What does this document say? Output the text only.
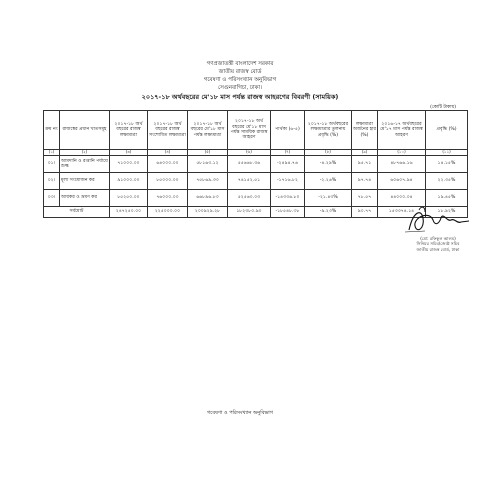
গণপ্রজাতন্ত্রী বাংলাদেশ সরকার
জাতীয় রাজস্ব বোর্ড
গবেষণা ও পরিসংখ্যান অনুবিভাগ
সেগুনবাগিচা, ঢাকা।
২০১৭-১৮ অর্থবছরের মে'১৮ মাস পর্যন্ত রাজস্ব আহরণের বিবরণী (সাময়িক)
(কোটি টাকায়)
ক্রম নং	রাজস্বের প্রধান খাতসমূহ	২০১৭-১৮ অর্থ বছরের রাজস্ব লক্ষ্যমাত্রা	২০১৭-১৮ অর্থ বছরের রাজস্ব সংশোধিত লক্ষ্যমাত্রা	২০১৭-১৮ অর্থ বছরের মে'১৮ মাস পর্যন্ত লক্ষ্যমাত্রা	২০১৭-১৮ অর্থ বছরের মে'১৮ মাস পর্যন্ত সাময়িক রাজস্ব আহরণ	পার্থক্য (৬-৫)	২০১৭-১৮ অর্থবছরের লক্ষ্যমাত্রার তুলনায় প্রবৃদ্ধি (%)	লক্ষ্যমাত্রা অর্জনের হার (%)	২০১৬-১৭ অর্থবছরের মে'১৭ মাস পর্যন্ত রাজস্ব আহরণ	প্রবৃদ্ধি (%)
(১)	(২)	(৩)	(৪)	(৫)	(৬)	(৭)	(৮)	(৯)	(১০)	(১১)
০১।	আমদানি ও রপ্তানি পর্যায়ে শুল্ক	৭১০০০.০০	৬৪০০০.০০	৫৮১৬৩.১২	৫৫৬৬৮.৩৬	-২৪৯৪.৭৬	-৪.২৯%	৯৫.৭১	৪৮৭৬৬.১৬	১৪.১৫%
০২।	মূল্য সংযোজন কর	৯১০০০.০০	৮৫০০০.০০	৭৫৮৬৯.৩৩	৭৪১৫২.৫১	-১৭১৬.৮২	-২.২৬%	৯৭.৭৪	৬০৬০৭.৯৪	২২.৩৫%
০৩।	আয়কর ও ভ্রমণ কর	৮৫২৫০.০০	৭৬০০০.০০	৬৬৮৯৬.৮৩	৫২৫৬০.০৩	-১৪৩৩৬.৮০	-২১.৪৩%	৭৮.৫৭	৪৪০০০.০৪	১৯.৪৫%
সর্বমোট		২৪৭২৫০.০০	২২৫০০০.০০	২০০৯২৯.২৮	১৮২৩৮০.৯০	-১৮৫৪৮.৩৮	-৯.২৩%	৯০.৭৭	১৫৩৩৭৪.১৪	১৮.৯২%
(মো: রফিকুল আলম)
সিনিয়র সচিব/জ্যেষ্ঠ সচিব
জাতীয় রাজস্ব বোর্ড, ঢাকা
গবেষণা ও পরিসংখ্যান অনুবিভাগ
